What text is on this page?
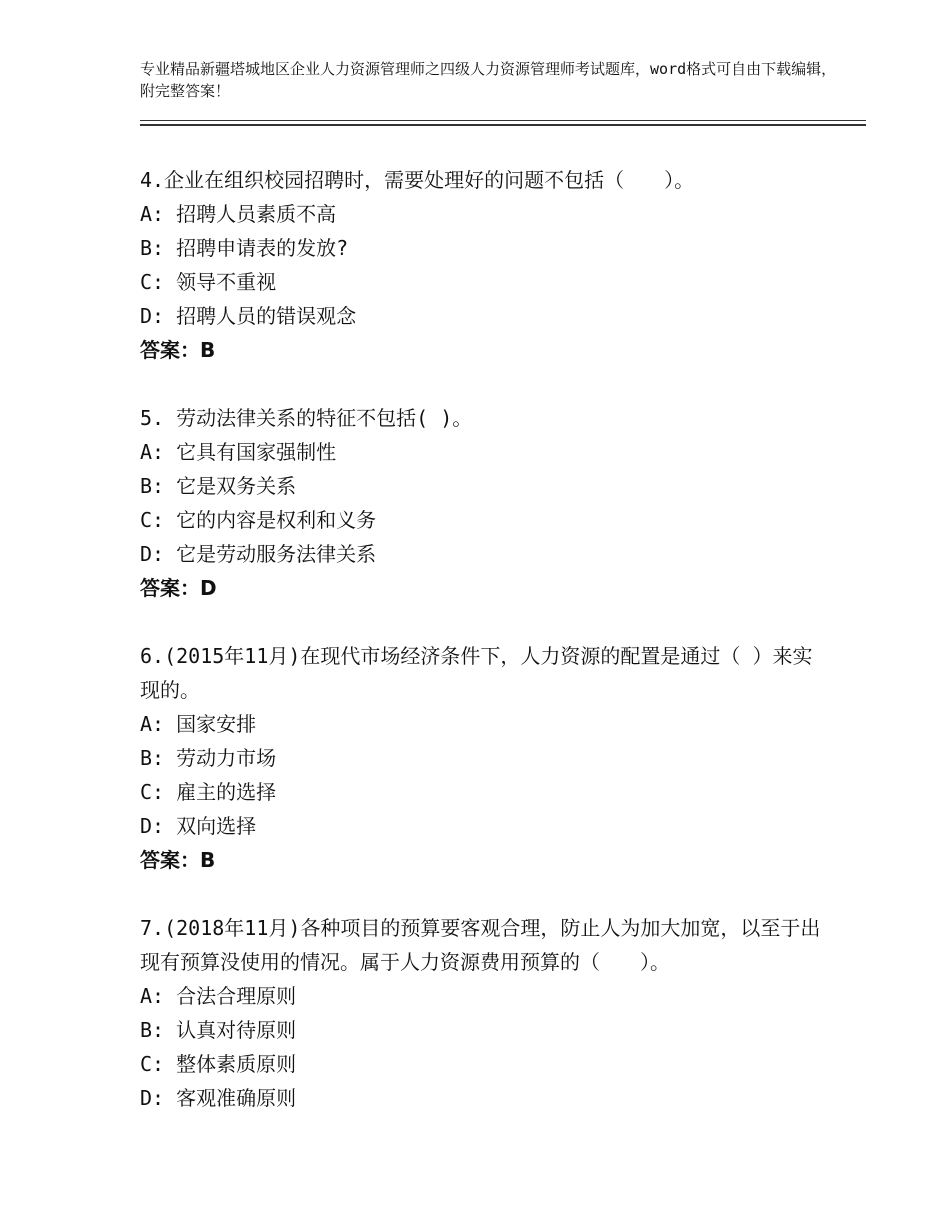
专业精品新疆塔城地区企业人力资源管理师之四级人力资源管理师考试题库，word格式可自由下载编辑，附完整答案！

4.企业在组织校园招聘时，需要处理好的问题不包括（　　）。

A: 招聘人员素质不高

B: 招聘申请表的发放?

C: 领导不重视

D: 招聘人员的错误观念

答案：B

5. 劳动法律关系的特征不包括( )。

A: 它具有国家强制性

B: 它是双务关系

C: 它的内容是权利和义务

D: 它是劳动服务法律关系

答案：D

6.(2015年11月)在现代市场经济条件下，人力资源的配置是通过（ ）来实现的。

A: 国家安排

B: 劳动力市场

C: 雇主的选择

D: 双向选择

答案：B

7.(2018年11月)各种项目的预算要客观合理，防止人为加大加宽，以至于出现有预算没使用的情况。属于人力资源费用预算的（　　）。

A: 合法合理原则

B: 认真对待原则

C: 整体素质原则

D: 客观准确原则
